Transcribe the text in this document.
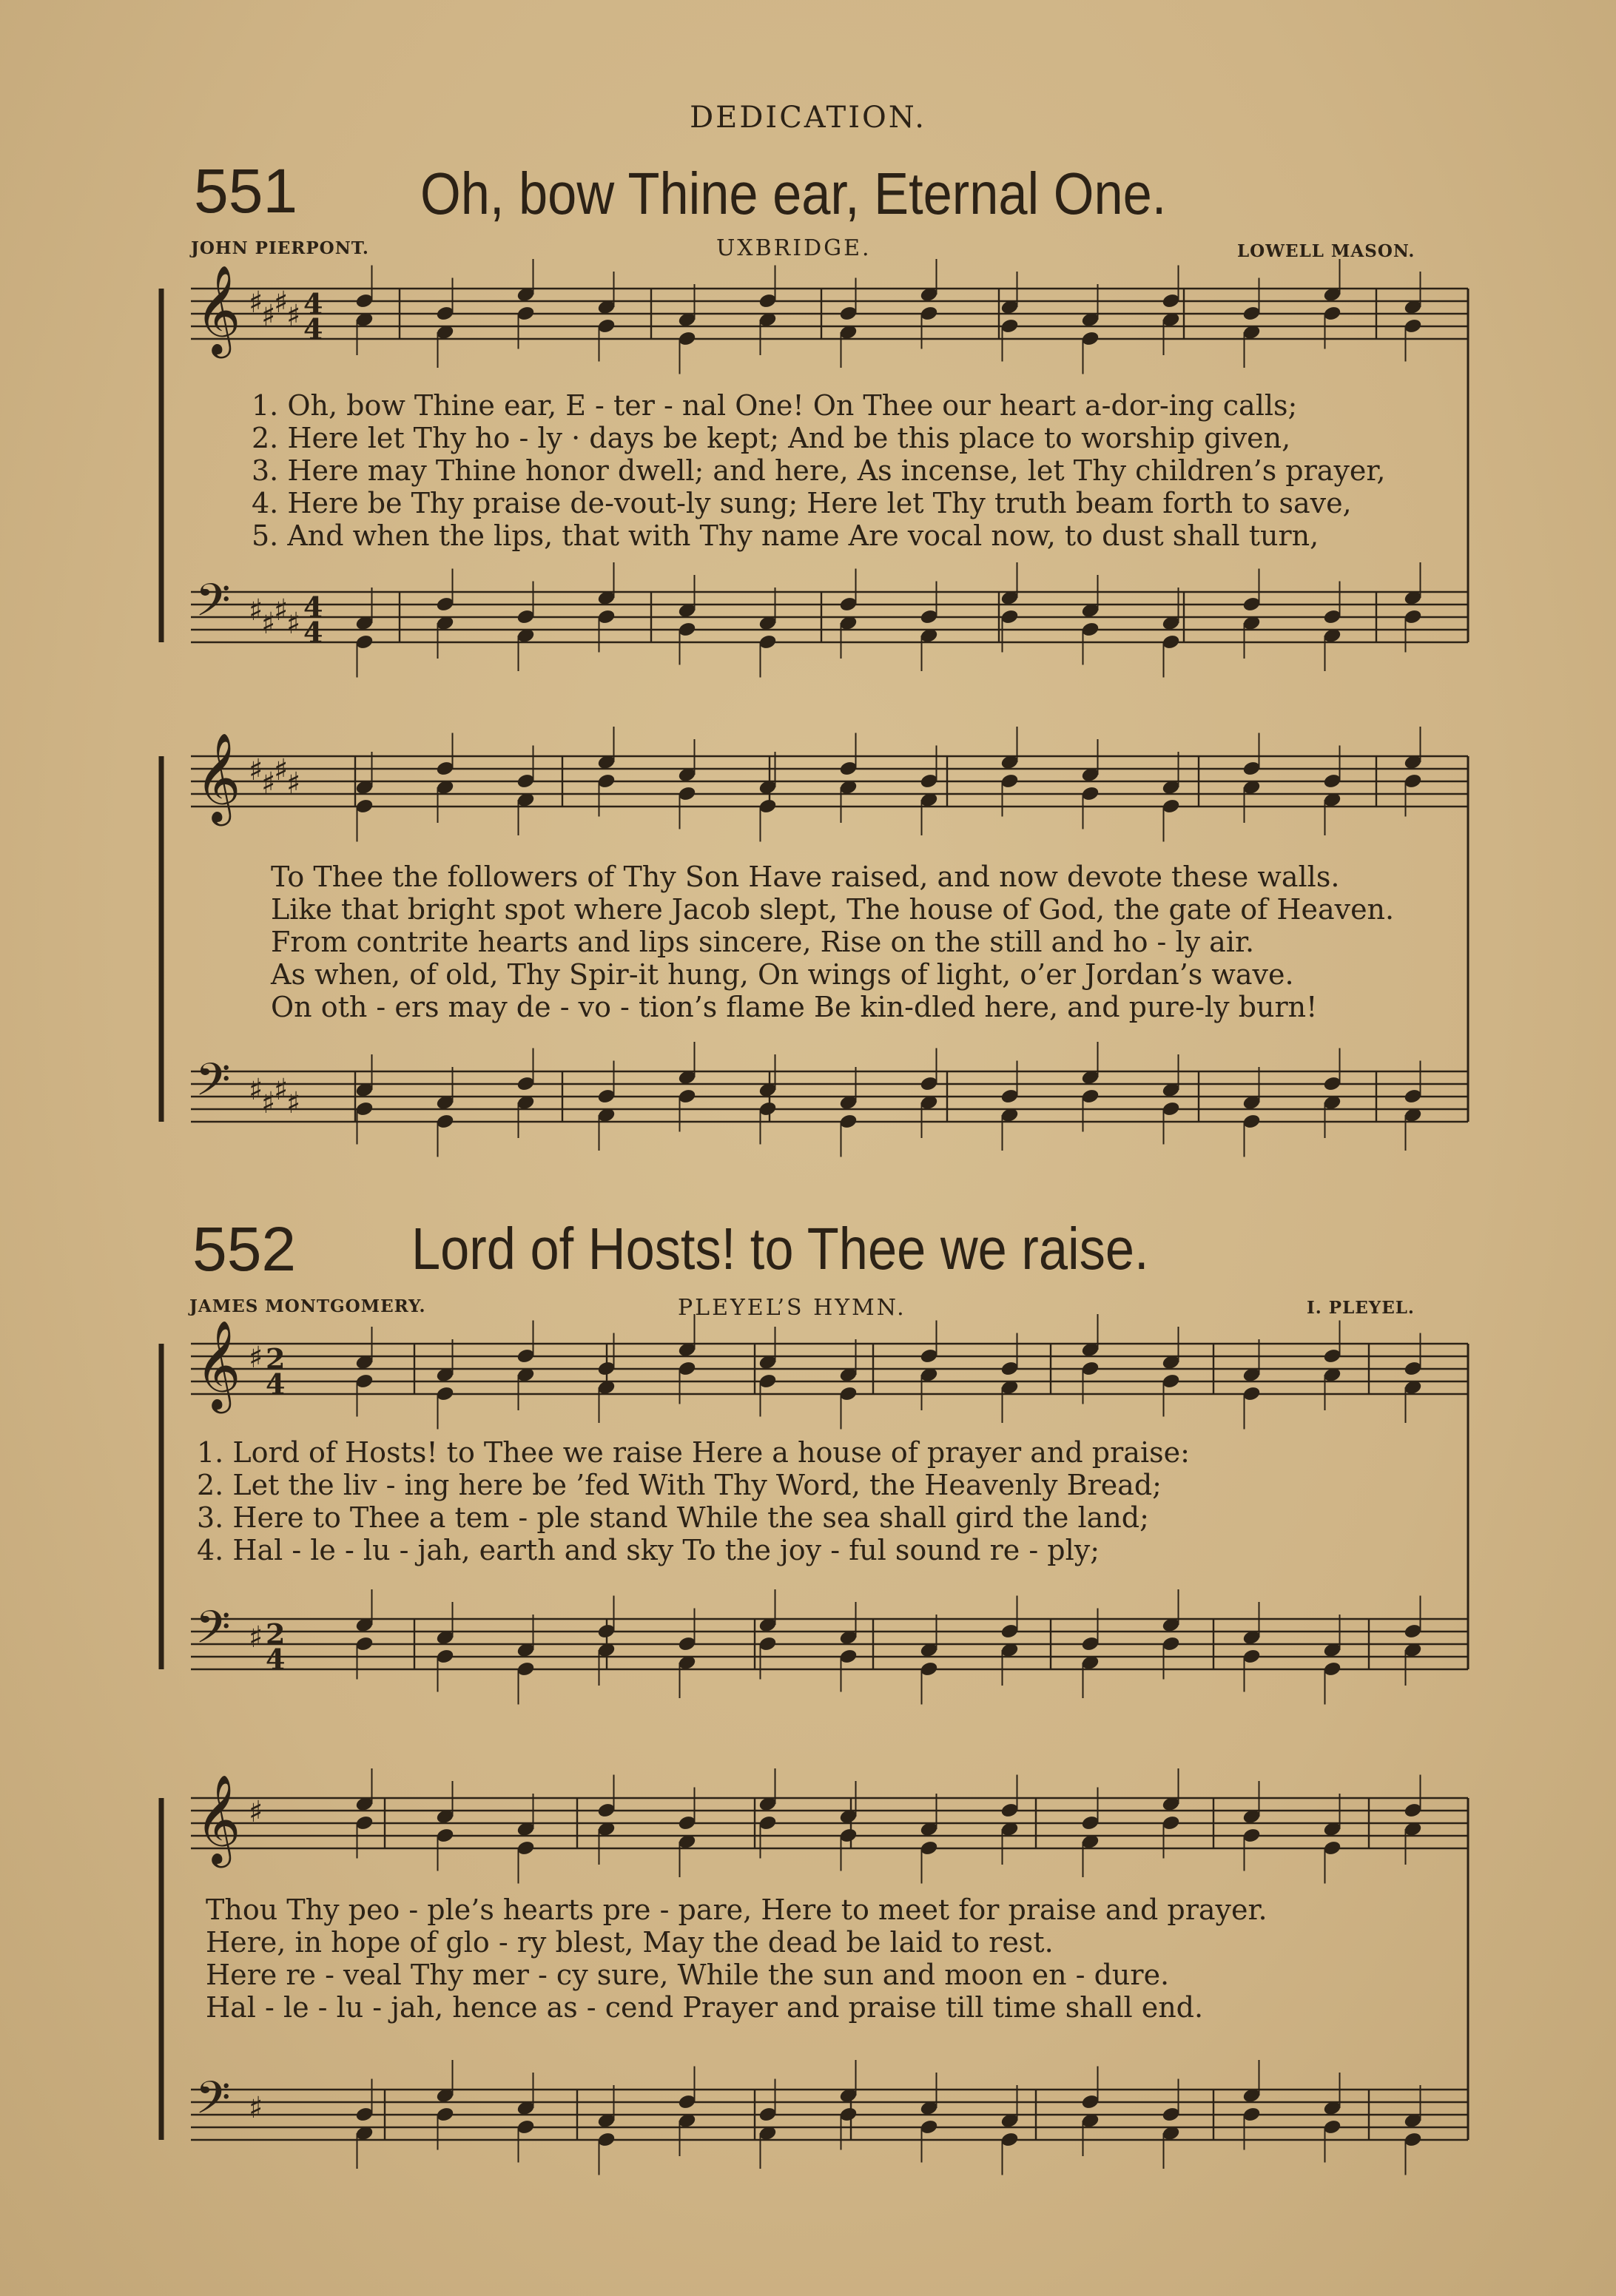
DEDICATION.
551 Oh, bow Thine ear, Eternal One.
JOHN PIERPONT.	UXBRIDGE.	LOWELL MASON.
1. Oh, bow Thine ear, E - ter - nal One! On Thee our heart a-dor-ing calls;
2. Here let Thy ho - ly · days be kept; And be this place to worship given,
3. Here may Thine honor dwell; and here, As incense, let Thy children’s prayer,
4. Here be Thy praise de-vout-ly sung; Here let Thy truth beam forth to save,
5. And when the lips, that with Thy name Are vocal now, to dust shall turn,
To Thee the followers of Thy Son Have raised, and now devote these walls.
Like that bright spot where Jacob slept, The house of God, the gate of Heaven.
From contrite hearts and lips sincere, Rise on the still and ho - ly air.
As when, of old, Thy Spir-it hung, On wings of light, o’er Jordan’s wave.
On oth - ers may de - vo - tion’s flame Be kin-dled here, and pure-ly burn!
552 Lord of Hosts! to Thee we raise.
JAMES MONTGOMERY.	PLEYEL’S HYMN.	I. PLEYEL.
1. Lord of Hosts! to Thee we raise Here a house of prayer and praise:
2. Let the liv - ing here be ’fed With Thy Word, the Heavenly Bread;
3. Here to Thee a tem - ple stand While the sea shall gird the land;
4. Hal - le - lu - jah, earth and sky To the joy - ful sound re - ply;
Thou Thy peo - ple’s hearts pre - pare, Here to meet for praise and prayer.
Here, in hope of glo - ry blest, May the dead be laid to rest.
Here re - veal Thy mer - cy sure, While the sun and moon en - dure.
Hal - le - lu - jah, hence as - cend Prayer and praise till time shall end.
𝄞 ♯
♯
♯
♯ 4
4
𝄢 ♯
♯
♯
♯ 4
4
𝄞 ♯
♯
♯
♯
𝄢 ♯
♯
♯
♯
𝄞 ♯ 2
4
𝄢 ♯ 2
4
𝄞 ♯
𝄢 ♯
